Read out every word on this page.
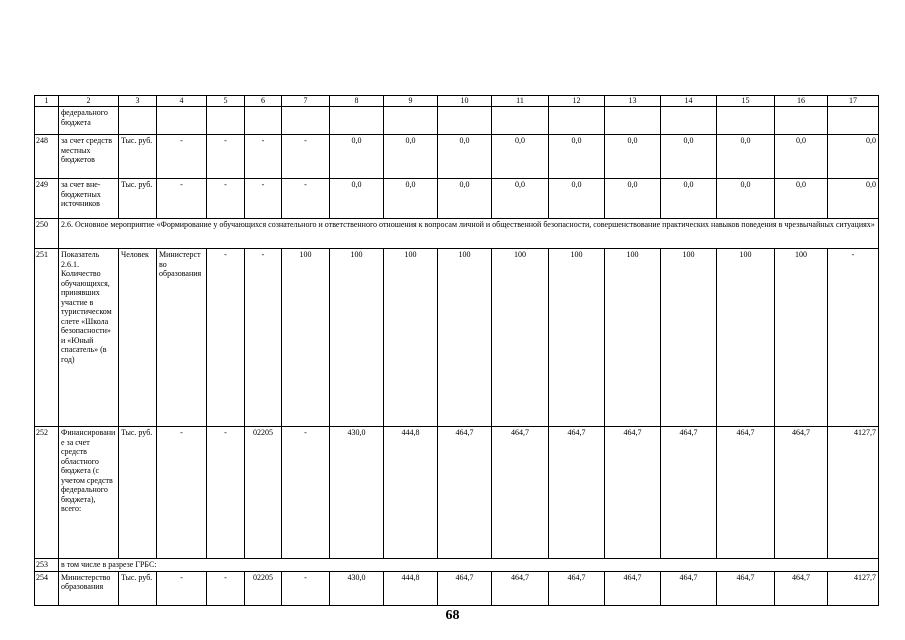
1	2	3	4	5	6	7	8	9	10	11	12	13	14	15	16	17
	федерального бюджета															
248	за счет средств местных бюджетов	Тыс. руб.	-	-	-	-	0,0	0,0	0,0	0,0	0,0	0,0	0,0	0,0	0,0	0,0
249	за счет вне-бюджетных источников	Тыс. руб.	-	-	-	-	0,0	0,0	0,0	0,0	0,0	0,0	0,0	0,0	0,0	0,0
250	2.6. Основное мероприятие «Формирование у обучающихся сознательного и ответственного отношения к вопросам личной и общественной безопасности, совершенствование практических навыков поведения в чрезвычайных ситуациях»															
251	Показатель 2.6.1. Количество обучающихся, принявших участие в туристическом слете «Школа безопасности» и «Юный спасатель» (в год)	Человек	Министерство образования	-	-	100	100	100	100	100	100	100	100	100	100	-
252	Финансирование за счет средств областного бюджета (с учетом средств федерального бюджета), всего:	Тыс. руб.	-	-	02205	-	430,0	444,8	464,7	464,7	464,7	464,7	464,7	464,7	464,7	4127,7
253	в том числе в разрезе ГРБС:															
254	Министерство образования	Тыс. руб.	-	-	02205	-	430,0	444,8	464,7	464,7	464,7	464,7	464,7	464,7	464,7	4127,7
68
